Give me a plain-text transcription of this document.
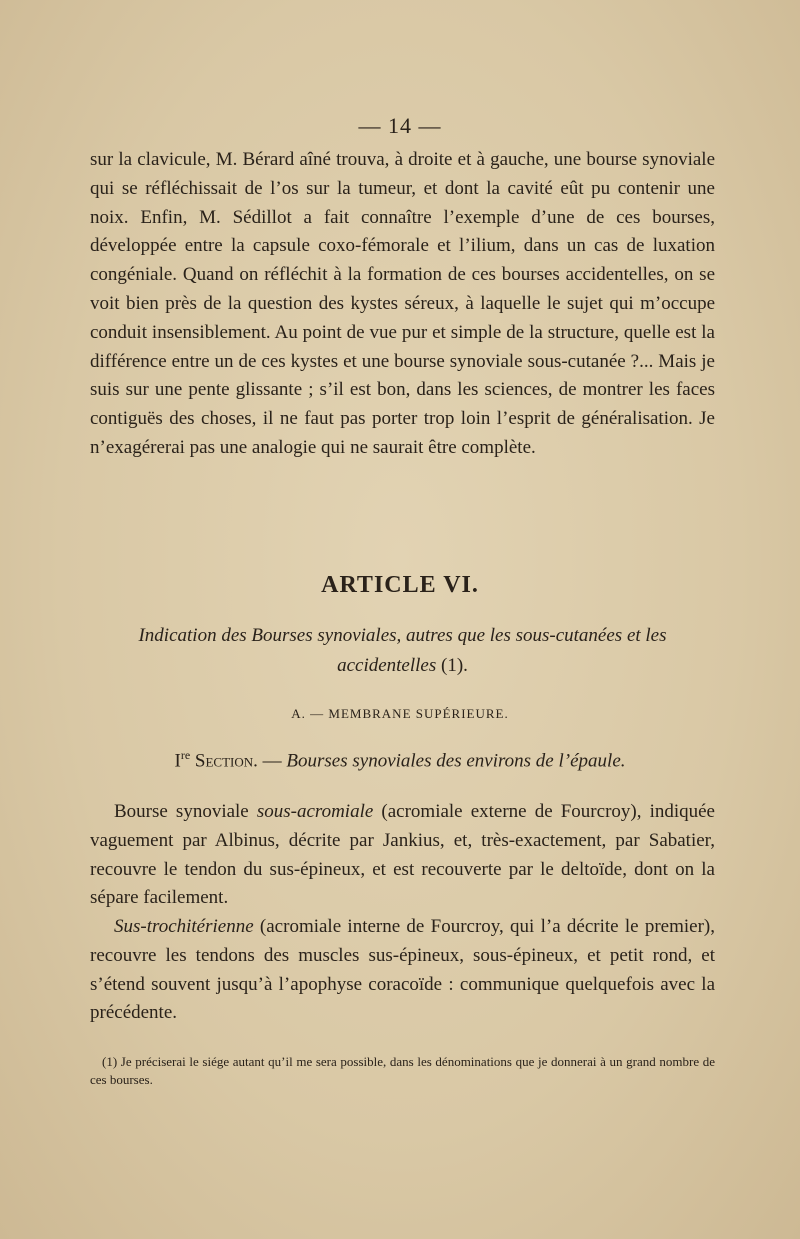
— 14 —

sur la clavicule, M. Bérard aîné trouva, à droite et à gauche, une bourse synoviale qui se réfléchissait de l’os sur la tumeur, et dont la cavité eût pu contenir une noix. Enfin, M. Sédillot a fait connaître l’exemple d’une de ces bourses, développée entre la capsule coxo-fémorale et l’ilium, dans un cas de luxation congéniale. Quand on réfléchit à la formation de ces bourses accidentelles, on se voit bien près de la question des kystes séreux, à laquelle le sujet qui m’occupe conduit insensiblement. Au point de vue pur et simple de la structure, quelle est la différence entre un de ces kystes et une bourse synoviale sous-cutanée ?... Mais je suis sur une pente glissante ; s’il est bon, dans les sciences, de montrer les faces contiguës des choses, il ne faut pas porter trop loin l’esprit de généralisation. Je n’exagérerai pas une analogie qui ne saurait être complète.

ARTICLE VI.
Indication des Bourses synoviales, autres que les sous-cutanées et les accidentelles (1).
A. — MEMBRANE SUPÉRIEURE.
Ire Section. — Bourses synoviales des environs de l’épaule.
Bourse synoviale sous-acromiale (acromiale externe de Fourcroy), indiquée vaguement par Albinus, décrite par Jankius, et, très-exactement, par Sabatier, recouvre le tendon du sus-épineux, et est recouverte par le deltoïde, dont on la sépare facilement.
Sus-trochitérienne (acromiale interne de Fourcroy, qui l’a décrite le premier), recouvre les tendons des muscles sus-épineux, sous-épineux, et petit rond, et s’étend souvent jusqu’à l’apophyse coracoïde : communique quelquefois avec la précédente.
(1) Je préciserai le siége autant qu’il me sera possible, dans les dénominations que je donnerai à un grand nombre de ces bourses.
